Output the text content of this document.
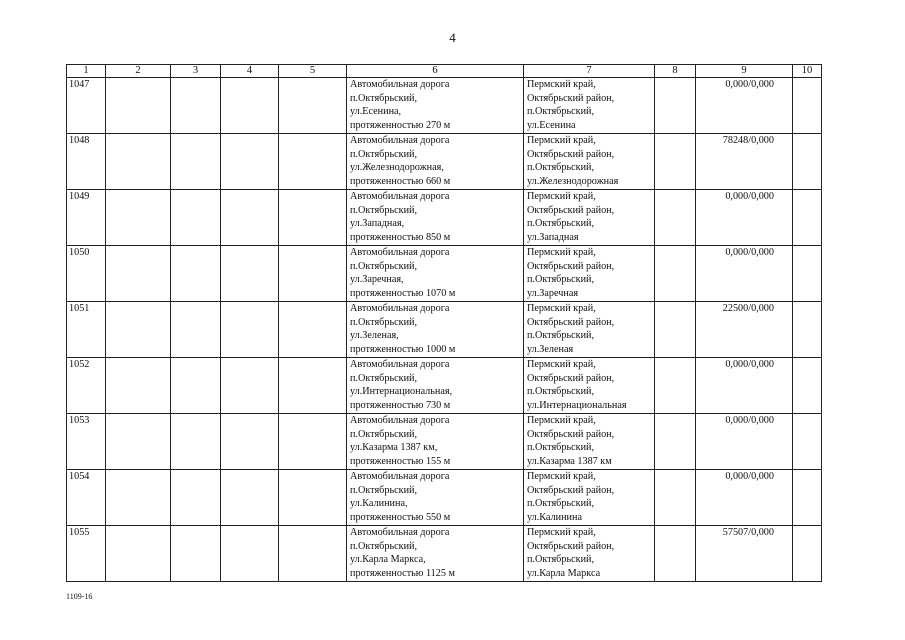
4
1	2	3	4	5	6	7	8	9	10
1047					Автомобильная дорога
п.Октябрьский,
ул.Есенина,
протяженностью 270 м	Пермский край,
Октябрьский район,
п.Октябрьский,
ул.Есенина		0,000/0,000	
1048					Автомобильная дорога
п.Октябрьский,
ул.Железнодорожная,
протяженностью 660 м	Пермский край,
Октябрьский район,
п.Октябрьский,
ул.Железнодорожная		78248/0,000	
1049					Автомобильная дорога
п.Октябрьский,
ул.Западная,
протяженностью 850 м	Пермский край,
Октябрьский район,
п.Октябрьский,
ул.Западная		0,000/0,000	
1050					Автомобильная дорога
п.Октябрьский,
ул.Заречная,
протяженностью 1070 м	Пермский край,
Октябрьский район,
п.Октябрьский,
ул.Заречная		0,000/0,000	
1051					Автомобильная дорога
п.Октябрьский,
ул.Зеленая,
протяженностью 1000 м	Пермский край,
Октябрьский район,
п.Октябрьский,
ул.Зеленая		22500/0,000	
1052					Автомобильная дорога
п.Октябрьский,
ул.Интернациональная,
протяженностью 730 м	Пермский край,
Октябрьский район,
п.Октябрьский,
ул.Интернациональная		0,000/0,000	
1053					Автомобильная дорога
п.Октябрьский,
ул.Казарма 1387 км,
протяженностью 155 м	Пермский край,
Октябрьский район,
п.Октябрьский,
ул.Казарма 1387 км		0,000/0,000	
1054					Автомобильная дорога
п.Октябрьский,
ул.Калинина,
протяженностью 550 м	Пермский край,
Октябрьский район,
п.Октябрьский,
ул.Калинина		0,000/0,000	
1055					Автомобильная дорога
п.Октябрьский,
ул.Карла Маркса,
протяженностью 1125 м	Пермский край,
Октябрьский район,
п.Октябрьский,
ул.Карла Маркса		57507/0,000	
1109-16
